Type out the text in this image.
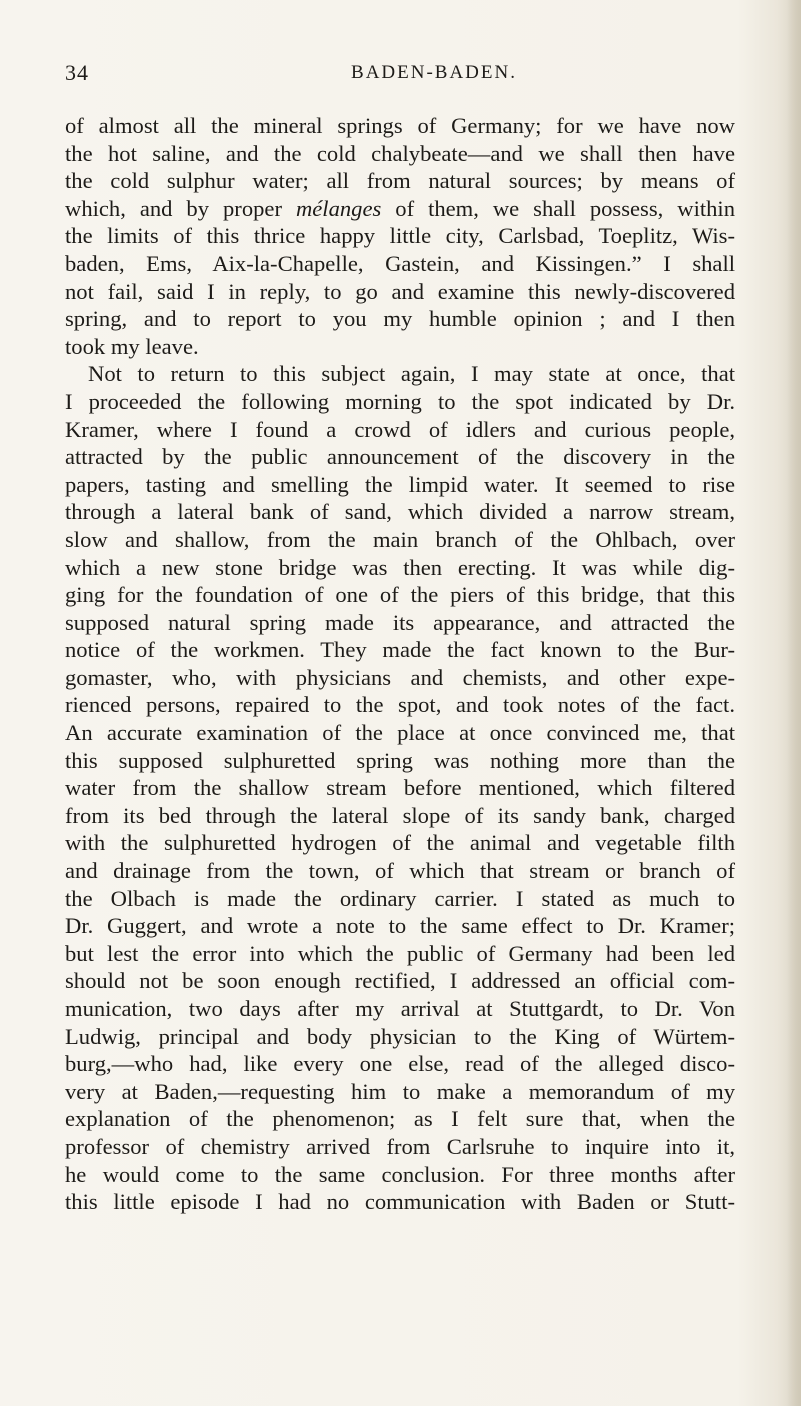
34	BADEN-BADEN.
of almost all the mineral springs of Germany; for we have now
the hot saline, and the cold chalybeate—and we shall then have
the cold sulphur water; all from natural sources; by means of
which, and by proper mélanges of them, we shall possess, within
the limits of this thrice happy little city, Carlsbad, Toeplitz, Wis-
baden, Ems, Aix-la-Chapelle, Gastein, and Kissingen.” I shall
not fail, said I in reply, to go and examine this newly-discovered
spring, and to report to you my humble opinion ; and I then
took my leave.
Not to return to this subject again, I may state at once, that
I proceeded the following morning to the spot indicated by Dr.
Kramer, where I found a crowd of idlers and curious people,
attracted by the public announcement of the discovery in the
papers, tasting and smelling the limpid water. It seemed to rise
through a lateral bank of sand, which divided a narrow stream,
slow and shallow, from the main branch of the Ohlbach, over
which a new stone bridge was then erecting. It was while dig-
ging for the foundation of one of the piers of this bridge, that this
supposed natural spring made its appearance, and attracted the
notice of the workmen. They made the fact known to the Bur-
gomaster, who, with physicians and chemists, and other expe-
rienced persons, repaired to the spot, and took notes of the fact.
An accurate examination of the place at once convinced me, that
this supposed sulphuretted spring was nothing more than the
water from the shallow stream before mentioned, which filtered
from its bed through the lateral slope of its sandy bank, charged
with the sulphuretted hydrogen of the animal and vegetable filth
and drainage from the town, of which that stream or branch of
the Olbach is made the ordinary carrier. I stated as much to
Dr. Guggert, and wrote a note to the same effect to Dr. Kramer;
but lest the error into which the public of Germany had been led
should not be soon enough rectified, I addressed an official com-
munication, two days after my arrival at Stuttgardt, to Dr. Von
Ludwig, principal and body physician to the King of Würtem-
burg,—who had, like every one else, read of the alleged disco-
very at Baden,—requesting him to make a memorandum of my
explanation of the phenomenon; as I felt sure that, when the
professor of chemistry arrived from Carlsruhe to inquire into it,
he would come to the same conclusion. For three months after
this little episode I had no communication with Baden or Stutt-
